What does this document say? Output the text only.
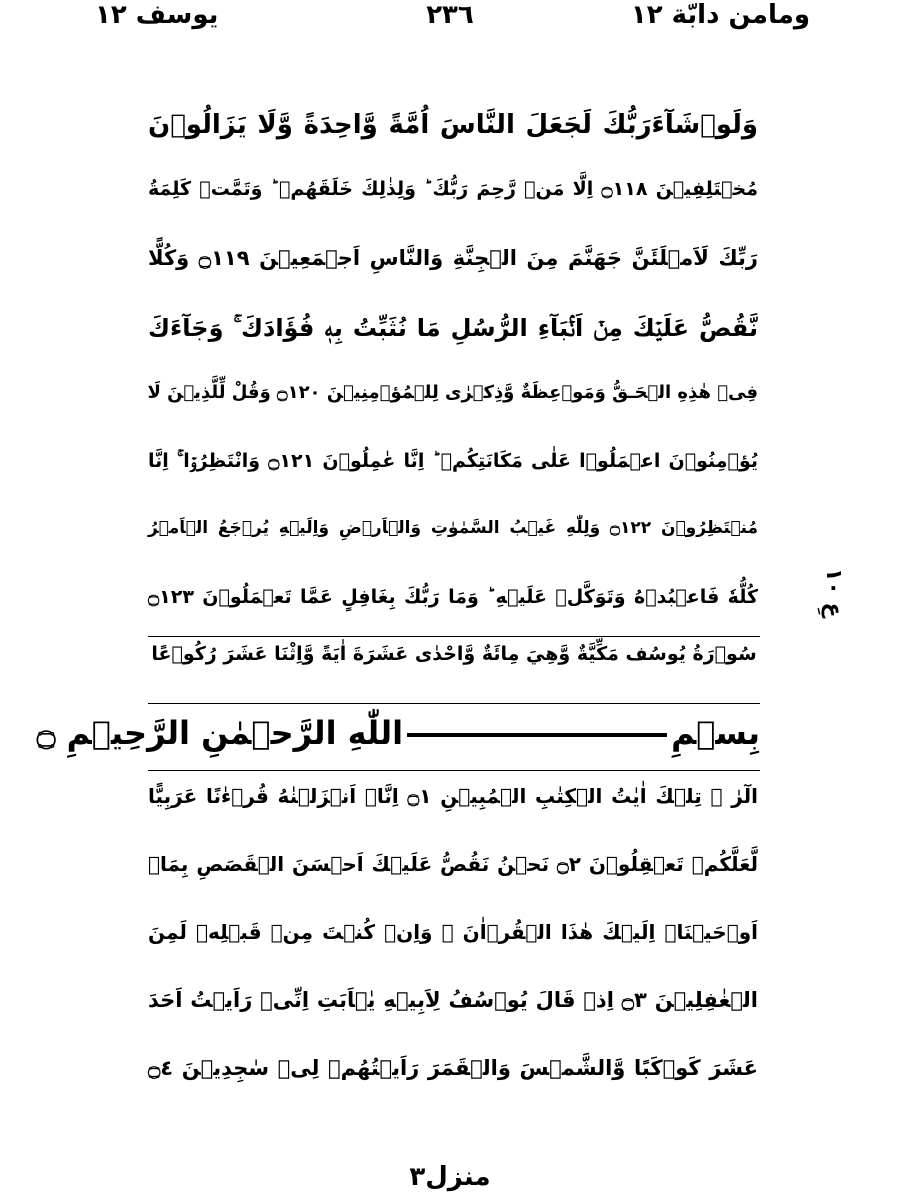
ومامن دابّة ١٢
٢٣٦
يوسف ١٢
وَلَوۡشَآءَرَبُّكَ لَجَعَلَ النَّاسَ اُمَّةً وَّاحِدَةً وَّلَا يَزَالُوۡنَ
مُخۡتَلِفِيۡنَ ۝١١٨ اِلَّا مَنۡ رَّحِمَ رَبُّكَ ؕ وَلِذٰلِكَ خَلَقَهُمۡ ؕ وَتَمَّتۡ كَلِمَةُ
رَبِّكَ لَاَمۡلَئَنَّ جَهَنَّمَ مِنَ الۡجِنَّةِ وَالنَّاسِ اَجۡمَعِيۡنَ ۝١١٩ وَكُلًّا
نَّقُصُّ عَلَيۡكَ مِنۡ اَنۡۢبَآءِ الرُّسُلِ مَا نُثَبِّتُ بِهٖ فُؤَادَكَ ۚ وَجَآءَكَ
فِىۡ هٰذِهِ الۡحَـقُّ وَمَوۡعِظَةٌ وَّذِكۡرٰى لِلۡمُؤۡمِنِيۡنَ ۝١٢٠ وَقُلْ لِّلَّذِيۡنَ لَا
يُؤۡمِنُوۡنَ اعۡمَلُوۡا عَلٰى مَكَانَتِكُمۡ ؕ اِنَّا عٰمِلُوۡنَ ۝١٢١ وَانْتَظِرُوۡا ۚ اِنَّا
مُنۡتَظِرُوۡنَ ۝١٢٢ وَلِلّٰهِ غَيۡبُ السَّمٰوٰتِ وَالۡاَرۡضِ وَاِلَيۡهِ يُرۡجَعُ الۡاَمۡرُ
كُلُّهٗ فَاعۡبُدۡهُ وَتَوَكَّلۡ عَلَيۡهِ ؕ وَمَا رَبُّكَ بِغَافِلٍ عَمَّا تَعۡمَلُوۡنَ ۝١٢٣
عِ ۱۰
سُوۡرَةُ يُوسُف مَكِّيَّةٌ وَّهِيَ مِائَةٌ وَّاحْدٰى عَشَرَةَ اٰيَةً وَّاِثْنَا عَشَرَ رُكُوۡعًا
بِسۡمِاللّٰهِ الرَّحۡمٰنِ الرَّحِيۡمِ ۝
الٓرٰ ۚ تِلۡكَ اٰيٰتُ الۡكِتٰبِ الۡمُبِيۡنِ ۝١ اِنَّاۤ اَنۡزَلۡنٰهُ قُرۡءٰنًا عَرَبِيًّا
لَّعَلَّكُمۡ تَعۡقِلُوۡنَ ۝٢ نَحۡنُ نَقُصُّ عَلَيۡكَ اَحۡسَنَ الۡقَصَصِ بِمَاۤ
اَوۡحَيۡنَاۤ اِلَيۡكَ هٰذَا الۡقُرۡاٰنَ ۖ وَاِنۡ كُنۡتَ مِنۡ قَبۡلِهٖ لَمِنَ
الۡغٰفِلِيۡنَ ۝٣ اِذۡ قَالَ يُوۡسُفُ لِاَبِيۡهِ يٰۤاَبَتِ اِنِّىۡ رَاَيۡتُ اَحَدَ
عَشَرَ كَوۡكَبًا وَّالشَّمۡسَ وَالۡقَمَرَ رَاَيۡتُهُمۡ لِىۡ سٰجِدِيۡنَ ۝٤
منزل٣
